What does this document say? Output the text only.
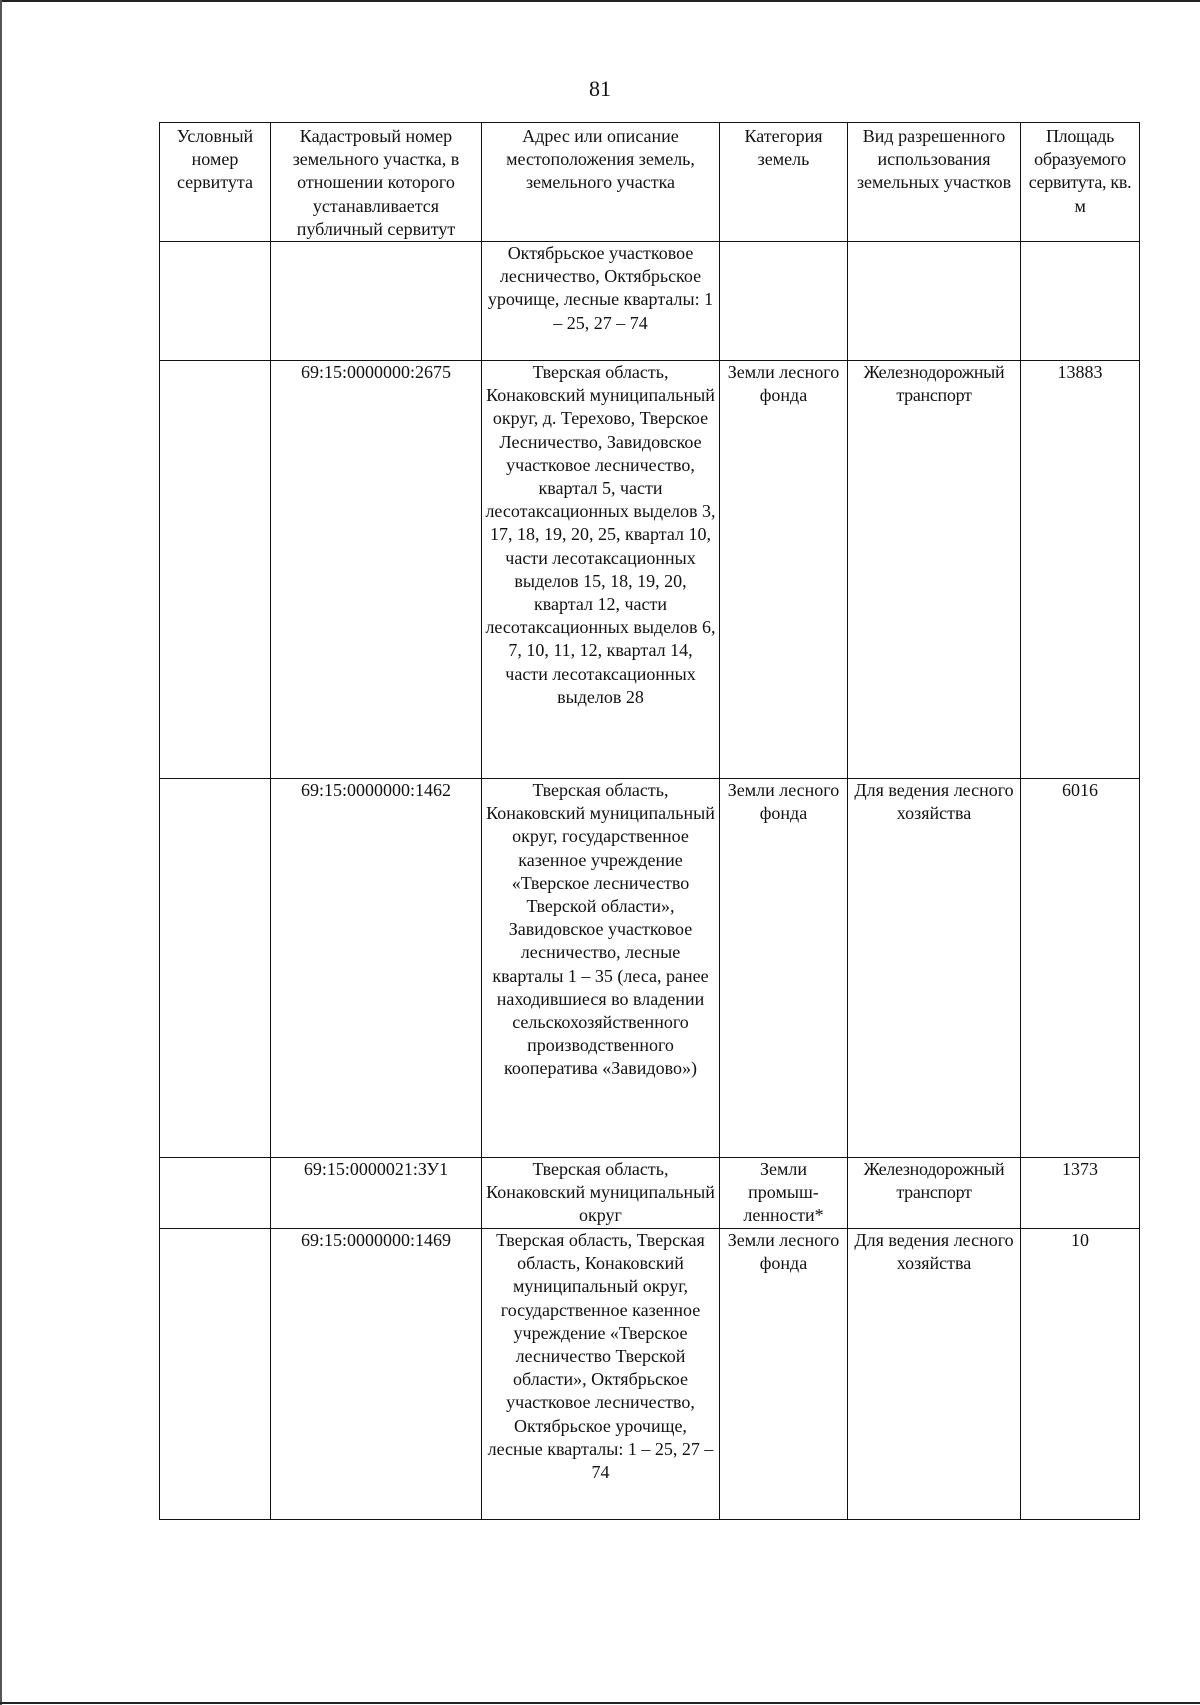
81
Условный номер сервитута	Кадастровый номер земельного участка, в отношении которого устанавливается публичный сервитут	Адрес или описание местоположения земель, земельного участка	Категория земель	Вид разрешенного использования земельных участков	Площадь образуемого сервитута, кв. м
		Октябрьское участковое лесничество, Октябрьское урочище, лесные кварталы: 1 – 25, 27 – 74			
	69:15:0000000:2675	Тверская область, Конаковский муниципальный округ, д. Терехово, Тверское Лесничество, Завидовское участковое лесничество, квартал 5, части лесотаксационных выделов 3, 17, 18, 19, 20, 25, квартал 10, части лесотаксационных выделов 15, 18, 19, 20, квартал 12, части лесотаксационных выделов 6, 7, 10, 11, 12, квартал 14, части лесотаксационных выделов 28	Земли лесного фонда	Железнодорожный транспорт	13883
	69:15:0000000:1462	Тверская область, Конаковский муниципальный округ, государственное казенное учреждение «Тверское лесничество Тверской области», Завидовское участковое лесничество, лесные кварталы 1 – 35 (леса, ранее находившиеся во владении сельскохозяйственного производственного кооператива «Завидово»)	Земли лесного фонда	Для ведения лесного хозяйства	6016
	69:15:0000021:ЗУ1	Тверская область, Конаковский муниципальный округ	Земли промыш-ленности*	Железнодорожный транспорт	1373
	69:15:0000000:1469	Тверская область, Тверская область, Конаковский муниципальный округ, государственное казенное учреждение «Тверское лесничество Тверской области», Октябрьское участковое лесничество, Октябрьское урочище, лесные кварталы: 1 – 25, 27 – 74	Земли лесного фонда	Для ведения лесного хозяйства	10
